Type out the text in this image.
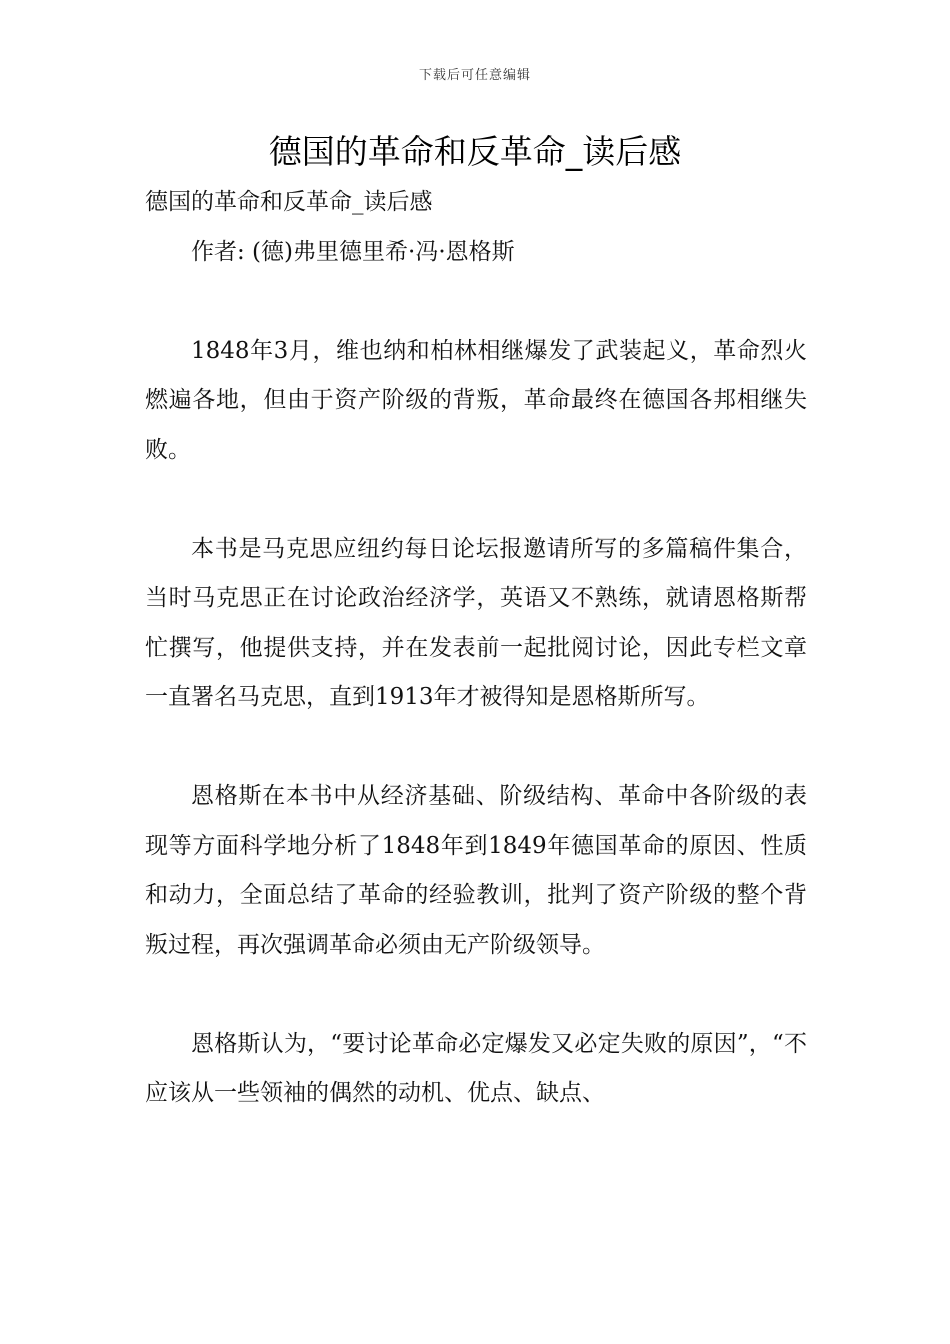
下载后可任意编辑
德国的革命和反革命_读后感

德国的革命和反革命_读后感

作者: (德)弗里德里希·冯·恩格斯

1848年3月，维也纳和柏林相继爆发了武装起义，革命烈火燃遍各地，但由于资产阶级的背叛，革命最终在德国各邦相继失败。

本书是马克思应纽约每日论坛报邀请所写的多篇稿件集合，当时马克思正在讨论政治经济学，英语又不熟练，就请恩格斯帮忙撰写，他提供支持，并在发表前一起批阅讨论，因此专栏文章一直署名马克思，直到1913年才被得知是恩格斯所写。

恩格斯在本书中从经济基础、阶级结构、革命中各阶级的表现等方面科学地分析了1848年到1849年德国革命的原因、性质和动力，全面总结了革命的经验教训，批判了资产阶级的整个背叛过程，再次强调革命必须由无产阶级领导。

恩格斯认为，“要讨论革命必定爆发又必定失败的原因”，“不应该从一些领袖的偶然的动机、优点、缺点、
